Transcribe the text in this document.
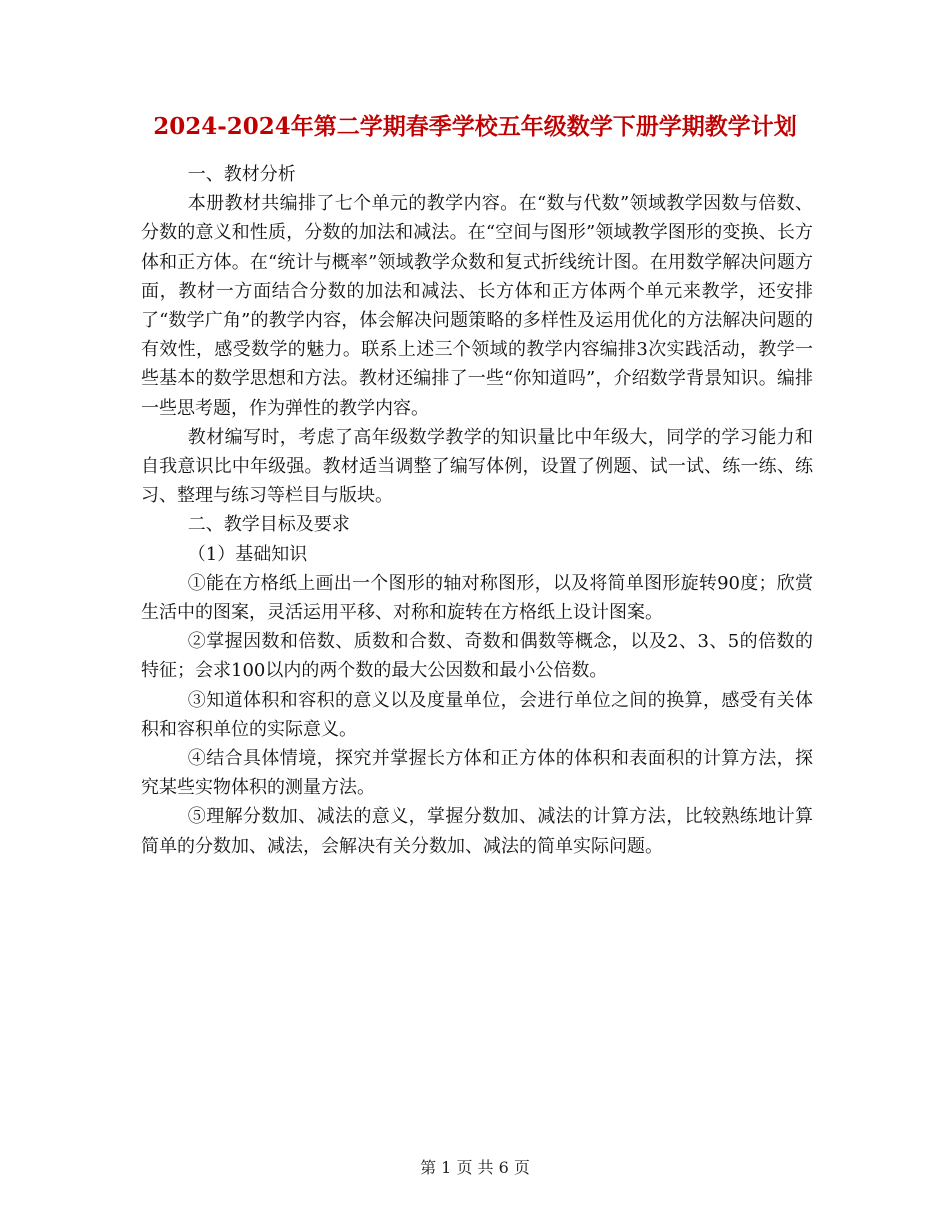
2024-2024年第二学期春季学校五年级数学下册学期教学计划

一、教材分析

本册教材共编排了七个单元的教学内容。在“数与代数”领域教学因数与倍数、分数的意义和性质，分数的加法和减法。在“空间与图形”领域教学图形的变换、长方体和正方体。在“统计与概率”领域教学众数和复式折线统计图。在用数学解决问题方面，教材一方面结合分数的加法和减法、长方体和正方体两个单元来教学，还安排了“数学广角”的教学内容，体会解决问题策略的多样性及运用优化的方法解决问题的有效性，感受数学的魅力。联系上述三个领域的教学内容编排3次实践活动，教学一些基本的数学思想和方法。教材还编排了一些“你知道吗”，介绍数学背景知识。编排一些思考题，作为弹性的教学内容。

教材编写时，考虑了高年级数学教学的知识量比中年级大，同学的学习能力和自我意识比中年级强。教材适当调整了编写体例，设置了例题、试一试、练一练、练习、整理与练习等栏目与版块。

二、教学目标及要求

（1）基础知识

①能在方格纸上画出一个图形的轴对称图形，以及将简单图形旋转90度；欣赏生活中的图案，灵活运用平移、对称和旋转在方格纸上设计图案。

②掌握因数和倍数、质数和合数、奇数和偶数等概念，以及2、3、5的倍数的特征；会求100以内的两个数的最大公因数和最小公倍数。

③知道体积和容积的意义以及度量单位，会进行单位之间的换算，感受有关体积和容积单位的实际意义。

④结合具体情境，探究并掌握长方体和正方体的体积和表面积的计算方法，探究某些实物体积的测量方法。

⑤理解分数加、减法的意义，掌握分数加、减法的计算方法，比较熟练地计算简单的分数加、减法，会解决有关分数加、减法的简单实际问题。

第 1 页 共 6 页
